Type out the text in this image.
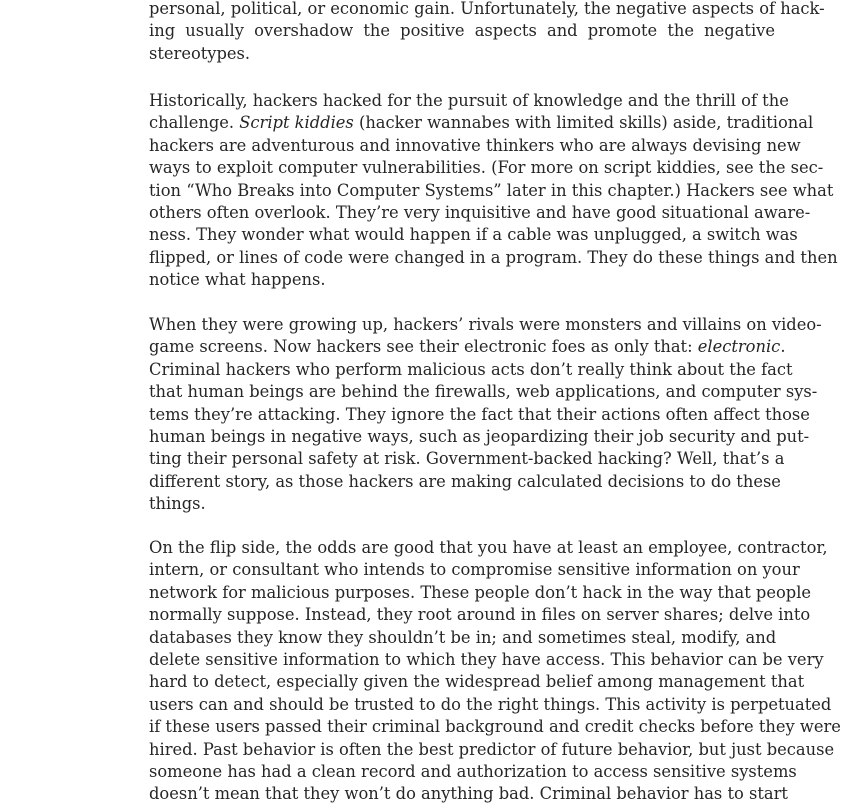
personal, political, or economic gain. Unfortunately, the negative aspects of hack-
ing usually overshadow the positive aspects and promote the negative
stereotypes.
Historically, hackers hacked for the pursuit of knowledge and the thrill of the
challenge. Script kiddies (hacker wannabes with limited skills) aside, traditional
hackers are adventurous and innovative thinkers who are always devising new
ways to exploit computer vulnerabilities. (For more on script kiddies, see the sec-
tion “Who Breaks into Computer Systems” later in this chapter.) Hackers see what
others often overlook. They’re very inquisitive and have good situational aware-
ness. They wonder what would happen if a cable was unplugged, a switch was
flipped, or lines of code were changed in a program. They do these things and then
notice what happens.
When they were growing up, hackers’ rivals were monsters and villains on video-
game screens. Now hackers see their electronic foes as only that: electronic.
Criminal hackers who perform malicious acts don’t really think about the fact
that human beings are behind the firewalls, web applications, and computer sys-
tems they’re attacking. They ignore the fact that their actions often affect those
human beings in negative ways, such as jeopardizing their job security and put-
ting their personal safety at risk. Government-backed hacking? Well, that’s a
different story, as those hackers are making calculated decisions to do these
things.
On the flip side, the odds are good that you have at least an employee, contractor,
intern, or consultant who intends to compromise sensitive information on your
network for malicious purposes. These people don’t hack in the way that people
normally suppose. Instead, they root around in files on server shares; delve into
databases they know they shouldn’t be in; and sometimes steal, modify, and
delete sensitive information to which they have access. This behavior can be very
hard to detect, especially given the widespread belief among management that
users can and should be trusted to do the right things. This activity is perpetuated
if these users passed their criminal background and credit checks before they were
hired. Past behavior is often the best predictor of future behavior, but just because
someone has had a clean record and authorization to access sensitive systems
doesn’t mean that they won’t do anything bad. Criminal behavior has to start
